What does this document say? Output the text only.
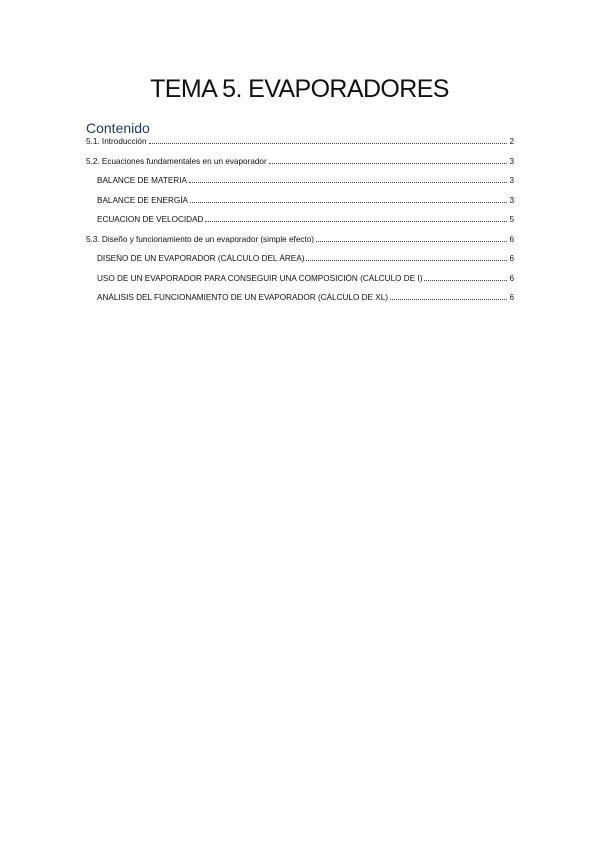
TEMA 5. EVAPORADORES
Contenido
5.1. Introducción	2
5.2. Ecuaciones fundamentales en un evaporador	3
BALANCE DE MATERIA	3
BALANCE DE ENERGÍA	3
ECUACION DE VELOCIDAD	5
5.3. Diseño y funcionamiento de un evaporador (simple efecto)	6
DISEÑO DE UN EVAPORADOR (CÁLCULO DEL ÁREA)	6
USO DE UN EVAPORADOR PARA CONSEGUIR UNA COMPOSICIÓN (CÁLCULO DE I)	6
ANÁLISIS DEL FUNCIONAMIENTO DE UN EVAPORADOR (CÁLCULO DE XL)	6
